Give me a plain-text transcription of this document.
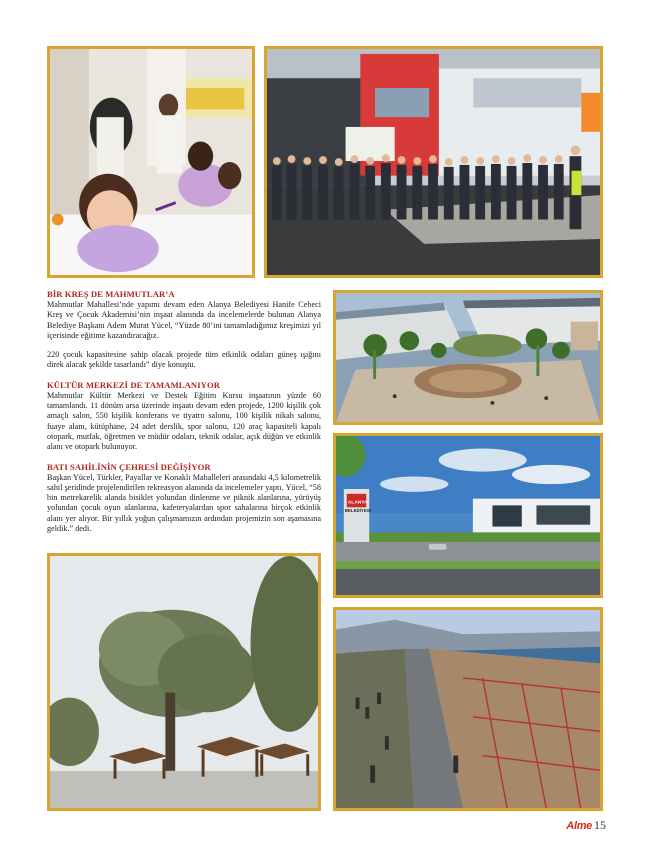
BİR KREŞ DE MAHMUTLAR’A

Mahmutlar Mahallesi’nde yapımı devam eden Alanya Belediyesi Hanife Cebeci Kreş ve Çocuk Akademisi’nin inşaat alanında da incelemelerde bulunan Alanya Belediye Başkanı Adem Murat Yücel, “Yüzde 80’ini tamamladığımız kreşimizi yıl içerisinde eğitime kazandıracağız.

220 çocuk kapasitesine sahip olacak projede tüm etkinlik odaları güneş ışığını direk alacak şekilde tasarlandı” diye konuştu.

KÜLTÜR MERKEZİ DE TAMAMLANIYOR

Mahmutlar Kültür Merkezi ve Destek Eğitim Kursu inşaatının yüzde 60 tamamlandı. 11 dönüm arsa üzerinde inşaatı devam eden projede, 1200 kişilik çok amaçlı salon, 550 kişilik konferans ve tiyatro salonu, 100 kişilik nikah salonu, fuaye alanı, kütüphane, 24 adet derslik, spor salonu, 120 araç kapasiteli kapalı otopark, mutfak, öğretmen ve müdür odaları, teknik odalar, açık düğün ve etkinlik alanı ve otopark bulunuyor.

BATI SAHİLİNİN ÇEHRESİ DEĞİŞİYOR

Başkan Yücel, Türkler, Payallar ve Konaklı Mahalleleri arasındaki 4,5 kilometrelik sahil şeridinde projelendirilen rekreasyon alanında da incelemeler yaptı. Yücel, “58 bin metrekarelik alanda bisiklet yolundan dinlenme ve piknik alanlarına, yürüyüş yolundan çocuk oyun alanlarına, kafeteryalardan spor sahalarına birçok etkinlik alanı yer alıyor. Bir yıllık yoğun çalışmamızın ardından projemizin son aşamasına geldik.” dedi.

ALANYA
BELEDİYESİ
Alme 15
